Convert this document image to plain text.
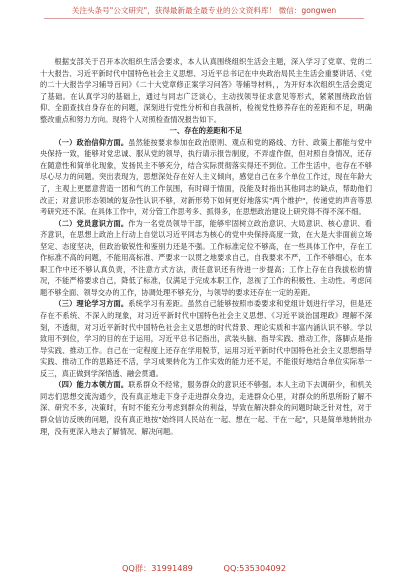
关注头条号"公文研究"，获得最新最全最专业的公文资料库！ 微信：gongwen

根据支部关于召开本次组织生活会要求，本人认真围绕组织生活会主题，深入学习了党章、党的二十大报告、习近平新时代中国特色社会主义思想、习近平总书记在中央政治局民主生活会重要讲话、《党的二十大报告学习辅导百问》《二十大党章修正案学习问答》等辅导材料，，为开好本次组织生活会奠定了基础。在认真学习的基础上，通过与同志广泛谈心，主动找领导征求意见等形式，紧紧围绕政治信仰、全面查找自身存在的问题，深刻进行党性分析和自我剖析，检视党性修养存在的差距和不足，明确整改重点和努力方向。现将个人对照检查情况报告如下。

一、存在的差距和不足

（一）政治信仰方面。虽然能按要求参加在政治原则、观点和党的路线、方针、政策上都能与党中央保持一致，能够对党忠诚、服从党的领导，执行请示报告制度，不弄虚作假，但对照自身情况，还存在随意性和简单化现象，发扬民主不够充分，结合实际贯彻落实得还不到位。工作生活中，也存在不够尽心尽力的问题。突出表现为，思想深处存在好人主义倾向，感觉自己在多个单位工作过，现在年龄大了，主观上更愿意营造一团和气的工作氛围，有时碍于情面，没能及时指出其他同志的缺点，帮助他们改正；对意识形态领域的复杂性认识不够，对新形势下如何更好地落实"两个维护"，传递党的声音等思考研究还不深。在具体工作中，对分管工作思考多、抓得多，在思想政治建设上研究得不得不深不细。

（二）党员意识方面。作为一名党员领导干部，能够牢固树立政治意识、大局意识、核心意识、看齐意识，在思想上政治上行动上自觉以习近平同志为核心的党中央保持高度一致，在大是大非面前立场坚定、态度坚决，但政治敏锐性和鉴别力还是不强。工作标准定位不够高，在一些具体工作中，存在工作标准不高的问题，不能用高标准、严要求一以贯之地要求自己，自我要求不严，工作不够细心，在本职工作中还不够认真负责，不注意方式方法，责任意识还有待进一步提高；工作上存在自我拔松的情况，不能严格要求自己，降低了标准，仅满足于完成本职工作，忽视了工作的积极性、主动性。考虑问题不够全面、领导交办的工作，协调处理不够充分，与领导的要求还存在一定的差距。

（三）理论学习方面。系统学习有差距。虽然自己能够按照市委要求和党组计划进行学习，但是还存在不系统、不深入的现象，对习近平新时代中国特色社会主义思想、《习近平谈治国理政》理解不深刻，不透彻，对习近平新时代中国特色社会主义思想的时代背景、理论实质和丰富内涵认识不够。学以致用不到位，学习的目的在于运用，习近平总书记指出，武装头脑、指导实践、推动工作，落脚点是指导实践、推动工作。自己在一定程度上还存在学用脱节，运用习近平新时代中国特色社会主义思想指导实践、推动工作的思路还不活，学习成果转化为工作实效的能力还不足，不能很好地结合单位实际举一反三，真正做到学深悟透、融会贯通。

（四）能力本领方面。联系群众不经常，服务群众的意识还不够强。本人主动下去调研少，和机关同志们思想交流沟通少，没有真正地走下身子走进群众身边，走进群众心里，对群众的所思所盼了解不深、研究不多，决策时，有时不能充分考虑到群众的利益，导致在解决群众的问题时缺乏针对性，对于群众信访反映的问题，没有真正地按"始终同人民站在一起、想在一起、干在一起"，只是简单地转批办理，没有更深入地去了解情况、解决问题。

QQ群：31991489	QQ:535304092
